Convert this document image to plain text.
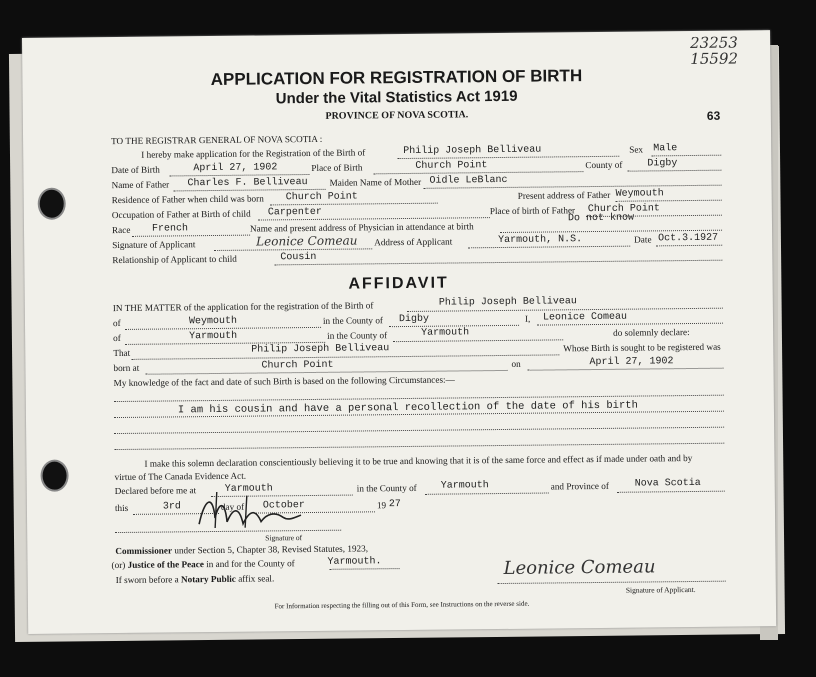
23253
15592
63
APPLICATION FOR REGISTRATION OF BIRTH
Under the Vital Statistics Act 1919
PROVINCE OF NOVA SCOTIA.
TO THE REGISTRAR GENERAL OF NOVA SCOTIA :
I hereby make application for the Registration of the Birth of	Philip Joseph Belliveau	Sex Male
Date of Birth	April 27, 1902	Place of Birth	Church Point	County of Digby
Name of Father Charles F. Belliveau Maiden Name of Mother Oidle LeBlanc
Residence of Father when child was born Church Point	Present address of Father Weymouth
Occupation of Father at Birth of child Carpenter	Place of birth of Father Church Point
Race French	Name and present address of Physician in attendance at birth
Do not know
Signature of Applicant	Leonice Comeau Address of Applicant	Yarmouth, N.S.	Date Oct.3.1927
Relationship of Applicant to child	Cousin
AFFIDAVIT
IN THE MATTER of the application for the registration of the Birth of	Philip Joseph Belliveau
of	Weymouth	in the County of Digby	I, Leonice Comeau
of	Yarmouth	in the County of	Yarmouth	do solemnly declare:
That	Philip Joseph Belliveau	Whose Birth is sought to be registered was
born at	Church Point	on	April 27, 1902
My knowledge of the fact and date of such Birth is based on the following Circumstances:—
I am his cousin and have a personal recollection of the date of his birth
I make this solemn declaration conscientiously believing it to be true and knowing that it is of the same force and effect as if made under oath and by
virtue of The Canada Evidence Act.
Declared before me at	Yarmouth	in the County of Yarmouth	and Province of	Nova Scotia
this	3rd	day of October	19 27
Signature of
Commissioner under Section 5, Chapter 38, Revised Statutes, 1923,
(or) Justice of the Peace in and for the County of	Yarmouth.
If sworn before a Notary Public affix seal.	Leonice Comeau
Signature of Applicant.
For Information respecting the filling out of this Form, see Instructions on the reverse side.
